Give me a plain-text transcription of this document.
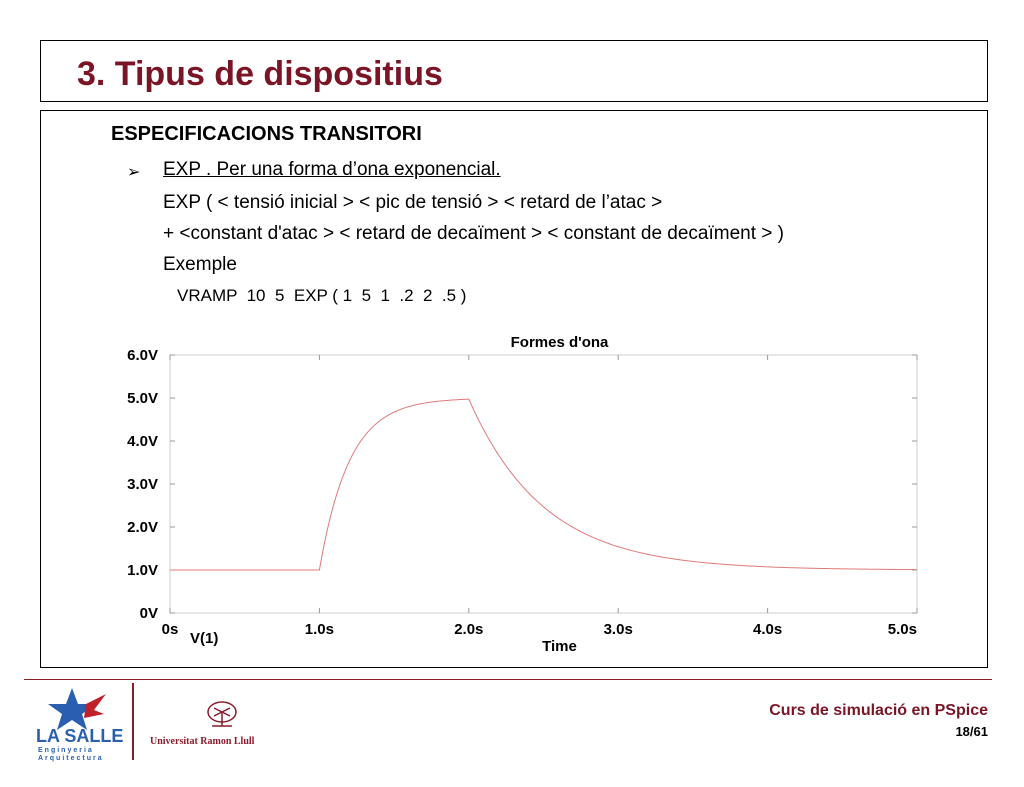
3. Tipus de dispositius
ESPECIFICACIONS TRANSITORI
➢ EXP . Per una forma d’ona exponencial.
EXP ( < tensió inicial > < pic de tensió > < retard de l’atac >
+ <constant d'atac > < retard de decaïment > < constant de decaïment > )
Exemple
VRAMP  10  5  EXP ( 1  5  1  .2  2  .5 )
Formes d'ona
0V
1.0V
2.0V
3.0V
4.0V
5.0V
6.0V
0s	1.0s	2.0s	3.0s	4.0s	5.0s
Time
V(1)
LA SALLE
Enginyeria
Arquitectura
Universitat Ramon Llull
Curs de simulació en PSpice
18/61
